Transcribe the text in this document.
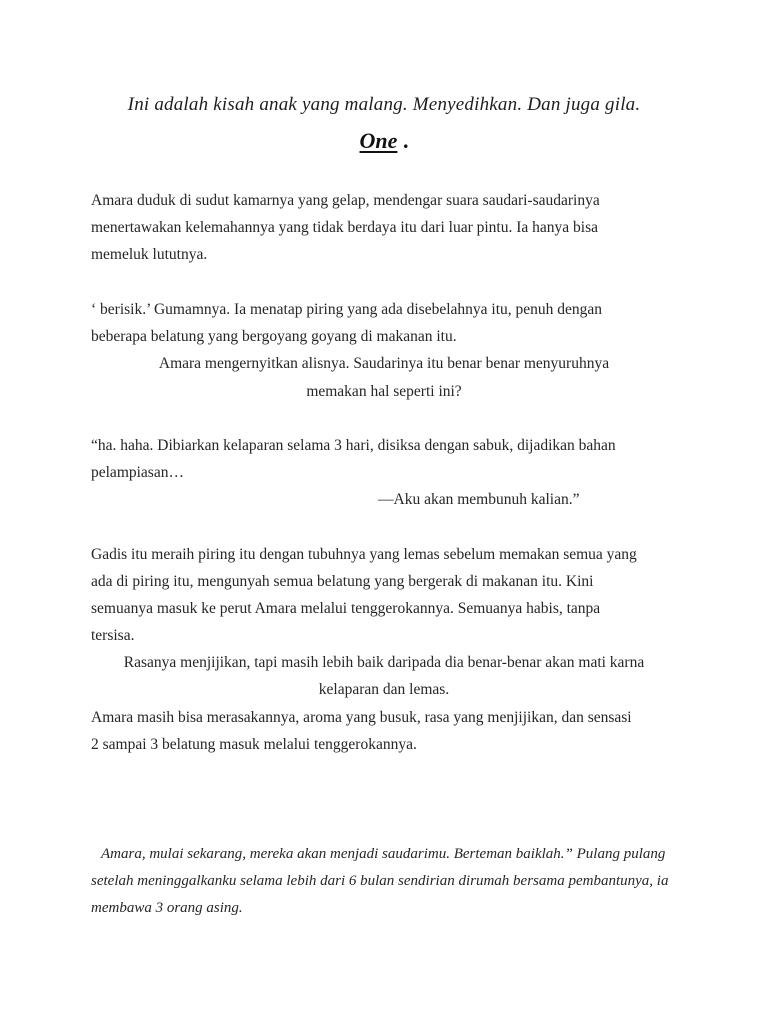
Ini adalah kisah anak yang malang. Menyedihkan. Dan juga gila.
One .
Amara duduk di sudut kamarnya yang gelap, mendengar suara saudari-saudarinya
menertawakan kelemahannya yang tidak berdaya itu dari luar pintu. Ia hanya bisa
memeluk lututnya.
‘ berisik.’ Gumamnya. Ia menatap piring yang ada disebelahnya itu, penuh dengan
beberapa belatung yang bergoyang goyang di makanan itu.
Amara mengernyitkan alisnya. Saudarinya itu benar benar menyuruhnya
memakan hal seperti ini?
“ha. haha. Dibiarkan kelaparan selama 3 hari, disiksa dengan sabuk, dijadikan bahan
pelampiasan…
—Aku akan membunuh kalian.”
Gadis itu meraih piring itu dengan tubuhnya yang lemas sebelum memakan semua yang
ada di piring itu, mengunyah semua belatung yang bergerak di makanan itu. Kini
semuanya masuk ke perut Amara melalui tenggerokannya. Semuanya habis, tanpa
tersisa.
Rasanya menjijikan, tapi masih lebih baik daripada dia benar-benar akan mati karna
kelaparan dan lemas.
Amara masih bisa merasakannya, aroma yang busuk, rasa yang menjijikan, dan sensasi
2 sampai 3 belatung masuk melalui tenggerokannya.
Amara, mulai sekarang, mereka akan menjadi saudarimu. Berteman baiklah.” Pulang pulang
setelah meninggalkanku selama lebih dari 6 bulan sendirian dirumah bersama pembantunya, ia
membawa 3 orang asing.
